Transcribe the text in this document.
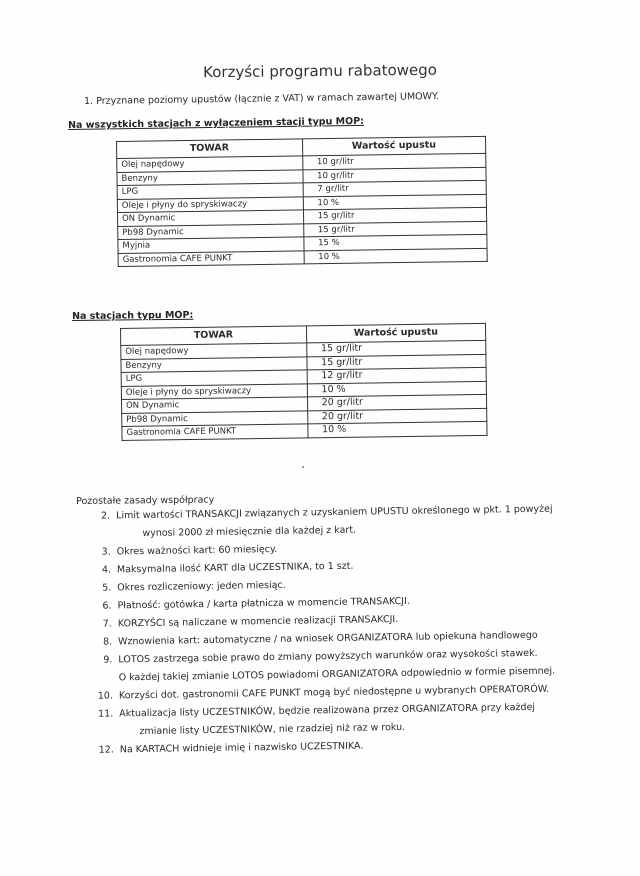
Korzyści programu rabatowego
1. Przyznane poziomy upustów (łącznie z VAT) w ramach zawartej UMOWY.
Na wszystkich stacjach z wyłączeniem stacji typu MOP:
TOWAR	Wartość upustu
Olej napędowy	10 gr/litr
Benzyny	10 gr/litr
LPG	7 gr/litr
Oleje i płyny do spryskiwaczy	10 %
ON Dynamic	15 gr/litr
Pb98 Dynamic	15 gr/litr
Myjnia	15 %
Gastronomia CAFE PUNKT	10 %
Na stacjach typu MOP:
TOWAR	Wartość upustu
Olej napędowy	15 gr/litr
Benzyny	15 gr/litr
LPG	12 gr/litr
Oleje i płyny do spryskiwaczy	10 %
ON Dynamic	20 gr/litr
Pb98 Dynamic	20 gr/litr
Gastronomia CAFE PUNKT	10 %
Pozostałe zasady współpracy
2. Limit wartości TRANSAKCJI związanych z uzyskaniem UPUSTU określonego w pkt. 1 powyżej
wynosi 2000 zł miesięcznie dla każdej z kart.
3. Okres ważności kart: 60 miesięcy.
4. Maksymalna ilość KART dla UCZESTNIKA, to 1 szt.
5. Okres rozliczeniowy: jeden miesiąc.
6. Płatność: gotówka / karta płatnicza w momencie TRANSAKCJI.
7. KORZYŚCI są naliczane w momencie realizacji TRANSAKCJI.
8. Wznowienia kart: automatyczne / na wniosek ORGANIZATORA lub opiekuna handlowego
9. LOTOS zastrzega sobie prawo do zmiany powyższych warunków oraz wysokości stawek.
O każdej takiej zmianie LOTOS powiadomi ORGANIZATORA odpowiednio w formie pisemnej.
10. Korzyści dot. gastronomii CAFE PUNKT mogą być niedostępne u wybranych OPERATORÓW.
11. Aktualizacja listy UCZESTNIKÓW, będzie realizowana przez ORGANIZATORA przy każdej
zmianie listy UCZESTNIKÓW, nie rzadziej niż raz w roku.
12. Na KARTACH widnieje imię i nazwisko UCZESTNIKA.
